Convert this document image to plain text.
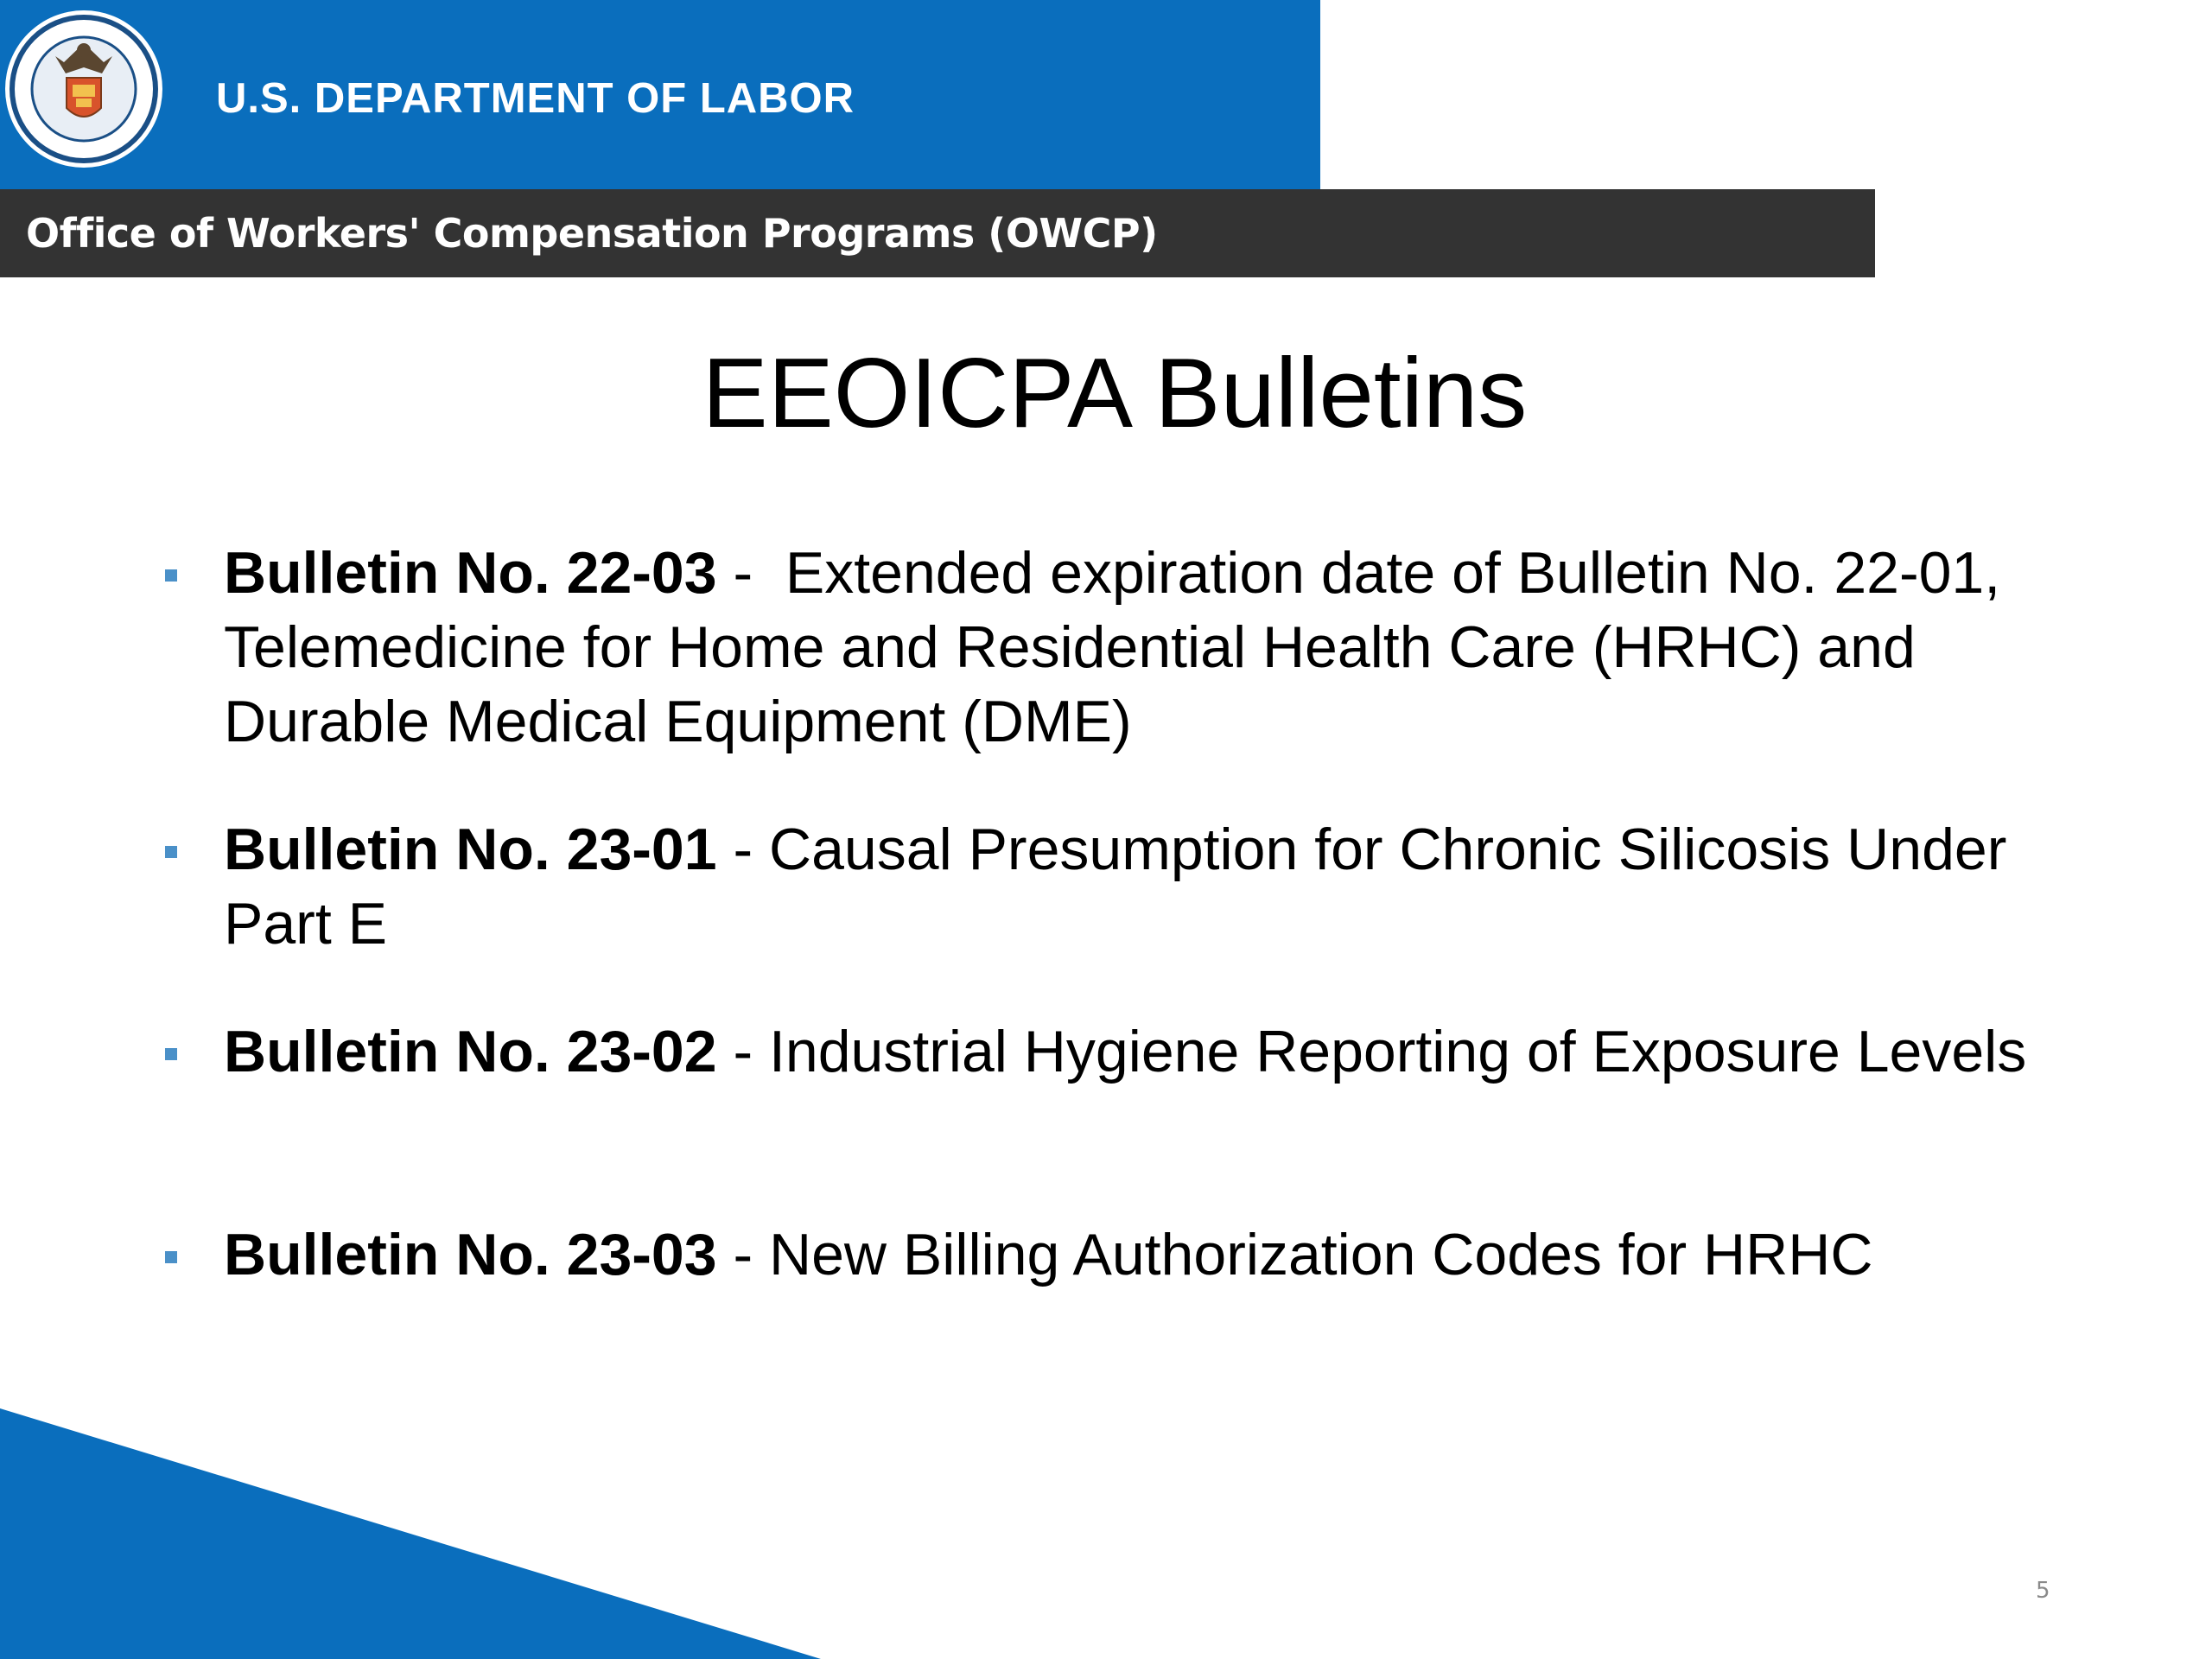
U.S. DEPARTMENT OF LABOR
Office of Workers' Compensation Programs (OWCP)
EEOICPA Bulletins
Bulletin No. 22-03 -  Extended expiration date of Bulletin No. 22-01, Telemedicine for Home and Residential Health Care (HRHC) and Durable Medical Equipment (DME)
Bulletin No. 23-01 - Causal Presumption for Chronic Silicosis Under Part E
Bulletin No. 23-02 - Industrial Hygiene Reporting of Exposure Levels
Bulletin No. 23-03 - New Billing Authorization Codes for HRHC
5
